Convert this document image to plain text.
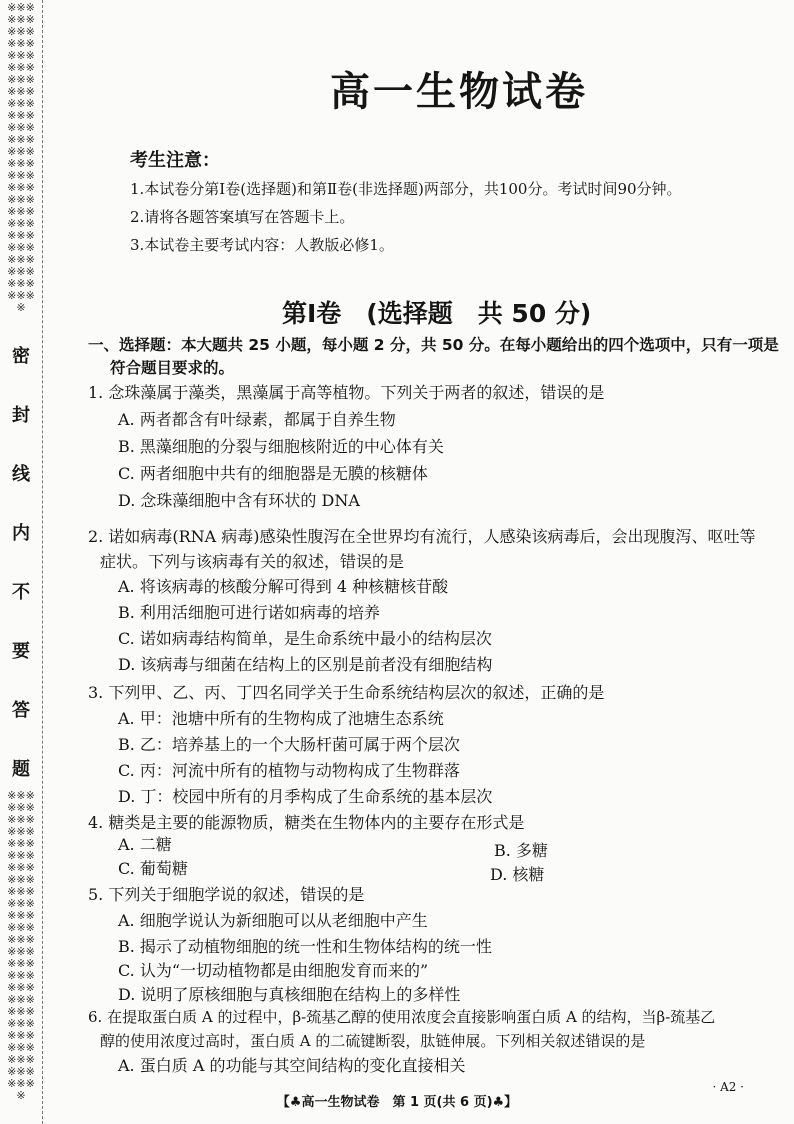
※※※※※※※※※※※※※※※※※※※※※※※※※※※※※※※※※※※※※※※※※※※※※※※※※※※※※※※※※※※※※※※※※※※※※※※※※※※※
密
封
线
内
不
要
答
题
※※※※※※※※※※※※※※※※※※※※※※※※※※※※※※※※※※※※※※※※※※※※※※※※※※※※※※※※※※※※※※※※※※※※※※※※※※※※
高一生物试卷
考生注意：
1.本试卷分第Ⅰ卷(选择题)和第Ⅱ卷(非选择题)两部分，共100分。考试时间90分钟。
2.请将各题答案填写在答题卡上。
3.本试卷主要考试内容：人教版必修1。
第Ⅰ卷　(选择题　共 50 分)
一、选择题：本大题共 25 小题，每小题 2 分，共 50 分。在每小题给出的四个选项中，只有一项是
符合题目要求的。
1. 念珠藻属于藻类，黑藻属于高等植物。下列关于两者的叙述，错误的是
A. 两者都含有叶绿素，都属于自养生物
B. 黑藻细胞的分裂与细胞核附近的中心体有关
C. 两者细胞中共有的细胞器是无膜的核糖体
D. 念珠藻细胞中含有环状的 DNA
2. 诺如病毒(RNA 病毒)感染性腹泻在全世界均有流行，人感染该病毒后，会出现腹泻、呕吐等
症状。下列与该病毒有关的叙述，错误的是
A. 将该病毒的核酸分解可得到 4 种核糖核苷酸
B. 利用活细胞可进行诺如病毒的培养
C. 诺如病毒结构简单，是生命系统中最小的结构层次
D. 该病毒与细菌在结构上的区别是前者没有细胞结构
3. 下列甲、乙、丙、丁四名同学关于生命系统结构层次的叙述，正确的是
A. 甲：池塘中所有的生物构成了池塘生态系统
B. 乙：培养基上的一个大肠杆菌可属于两个层次
C. 丙：河流中所有的植物与动物构成了生物群落
D. 丁：校园中所有的月季构成了生命系统的基本层次
4. 糖类是主要的能源物质，糖类在生物体内的主要存在形式是
A. 二糖	B. 多糖
C. 葡萄糖	D. 核糖
5. 下列关于细胞学说的叙述，错误的是
A. 细胞学说认为新细胞可以从老细胞中产生
B. 揭示了动植物细胞的统一性和生物体结构的统一性
C. 认为“一切动植物都是由细胞发育而来的”
D. 说明了原核细胞与真核细胞在结构上的多样性
6. 在提取蛋白质 A 的过程中，β-巯基乙醇的使用浓度会直接影响蛋白质 A 的结构，当β-巯基乙
醇的使用浓度过高时，蛋白质 A 的二硫键断裂，肽链伸展。下列相关叙述错误的是
A. 蛋白质 A 的功能与其空间结构的变化直接相关
【♣高一生物试卷　第 1 页(共 6 页)♣】
· A2 ·
